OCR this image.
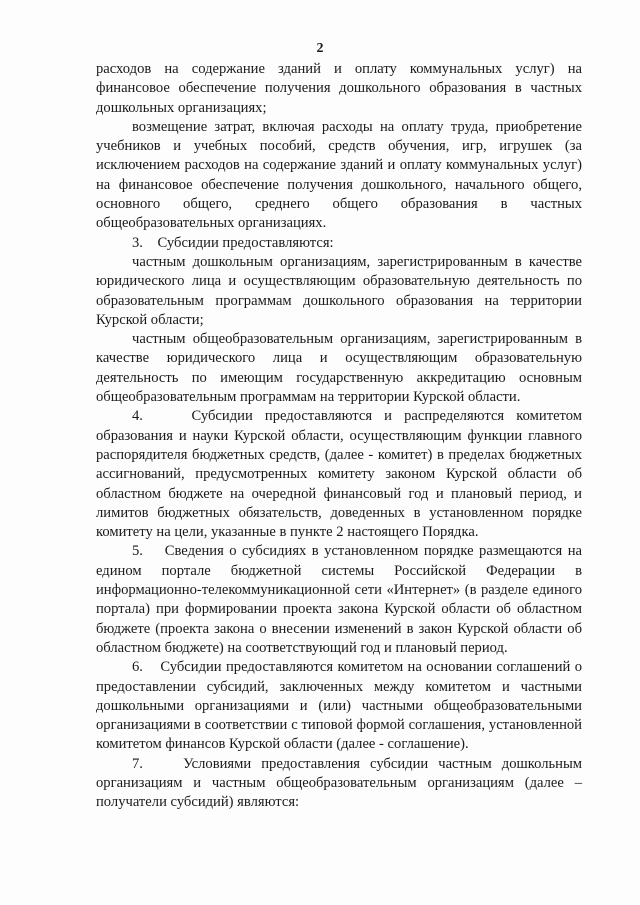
2

расходов на содержание зданий и оплату коммунальных услуг) на финансовое обеспечение получения дошкольного образования в частных дошкольных организациях;

возмещение затрат, включая расходы на оплату труда, приобретение учебников и учебных пособий, средств обучения, игр, игрушек (за исключением расходов на содержание зданий и оплату коммунальных услуг) на финансовое обеспечение получения дошкольного, начального общего, основного общего, среднего общего образования в частных общеобразовательных организациях.

3.    Субсидии предоставляются:

частным дошкольным организациям, зарегистрированным в качестве юридического лица и осуществляющим образовательную деятельность по образовательным программам дошкольного образования на территории Курской области;

частным общеобразовательным организациям, зарегистрированным в качестве юридического лица и осуществляющим образовательную деятельность по имеющим государственную аккредитацию основным общеобразовательным программам на территории Курской области.

4.    Субсидии предоставляются и распределяются комитетом образования и науки Курской области, осуществляющим функции главного распорядителя бюджетных средств, (далее - комитет) в пределах бюджетных ассигнований, предусмотренных комитету законом Курской области об областном бюджете на очередной финансовый год и плановый период, и лимитов бюджетных обязательств, доведенных в установленном порядке комитету на цели, указанные в пункте 2 настоящего Порядка.

5.    Сведения о субсидиях в установленном порядке размещаются на едином портале бюджетной системы Российской Федерации в информационно-телекоммуникационной сети «Интернет» (в разделе единого портала) при формировании проекта закона Курской области об областном бюджете (проекта закона о внесении изменений в закон Курской области об областном бюджете) на соответствующий год и плановый период.

6.    Субсидии предоставляются комитетом на основании соглашений о предоставлении субсидий, заключенных между комитетом и частными дошкольными организациями и (или) частными общеобразовательными организациями в соответствии с типовой формой соглашения, установленной комитетом финансов Курской области (далее - соглашение).

7.    Условиями предоставления субсидии частным дошкольным организациям и частным общеобразовательным организациям (далее – получатели субсидий) являются:
